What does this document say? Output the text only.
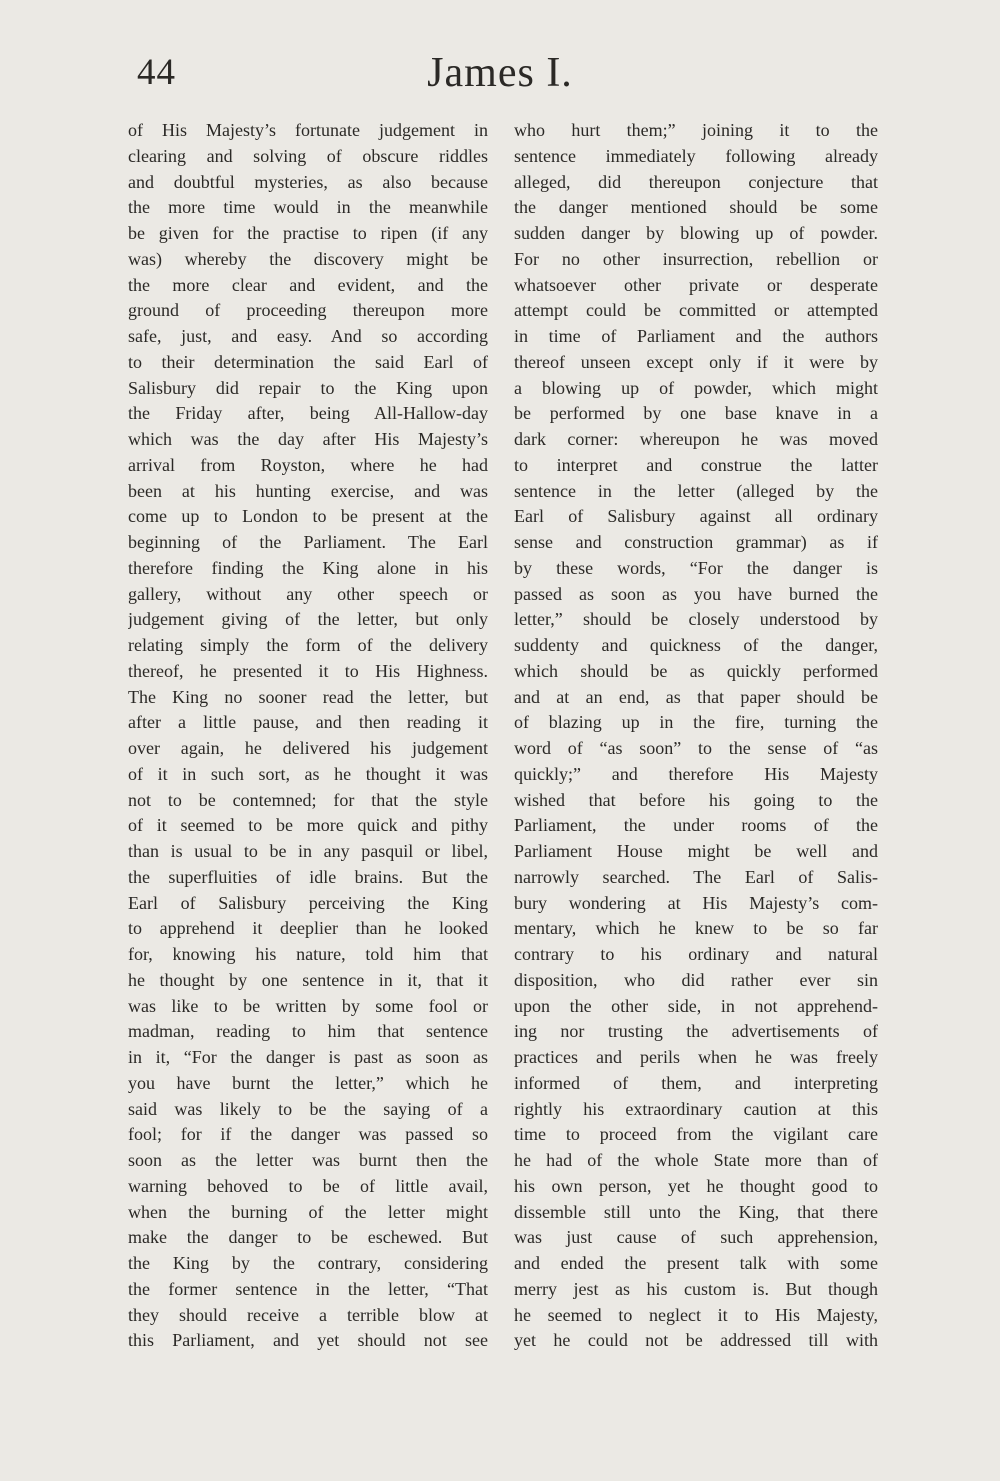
44	James I.
of His Majesty’s fortunate judgement in
clearing and solving of obscure riddles
and doubtful mysteries, as also because
the more time would in the meanwhile
be given for the practise to ripen (if any
was) whereby the discovery might be
the more clear and evident, and the
ground of proceeding thereupon more
safe, just, and easy. And so according
to their determination the said Earl of
Salisbury did repair to the King upon
the Friday after, being All-Hallow-day
which was the day after His Majesty’s
arrival from Royston, where he had
been at his hunting exercise, and was
come up to London to be present at the
beginning of the Parliament. The Earl
therefore finding the King alone in his
gallery, without any other speech or
judgement giving of the letter, but only
relating simply the form of the delivery
thereof, he presented it to His Highness.
The King no sooner read the letter, but
after a little pause, and then reading it
over again, he delivered his judgement
of it in such sort, as he thought it was
not to be contemned; for that the style
of it seemed to be more quick and pithy
than is usual to be in any pasquil or libel,
the superfluities of idle brains. But the
Earl of Salisbury perceiving the King
to apprehend it deeplier than he looked
for, knowing his nature, told him that
he thought by one sentence in it, that it
was like to be written by some fool or
madman, reading to him that sentence
in it, “For the danger is past as soon as
you have burnt the letter,” which he
said was likely to be the saying of a
fool; for if the danger was passed so
soon as the letter was burnt then the
warning behoved to be of little avail,
when the burning of the letter might
make the danger to be eschewed. But
the King by the contrary, considering
the former sentence in the letter, “That
they should receive a terrible blow at
this Parliament, and yet should not see
who hurt them;” joining it to the
sentence immediately following already
alleged, did thereupon conjecture that
the danger mentioned should be some
sudden danger by blowing up of powder.
For no other insurrection, rebellion or
whatsoever other private or desperate
attempt could be committed or attempted
in time of Parliament and the authors
thereof unseen except only if it were by
a blowing up of powder, which might
be performed by one base knave in a
dark corner: whereupon he was moved
to interpret and construe the latter
sentence in the letter (alleged by the
Earl of Salisbury against all ordinary
sense and construction grammar) as if
by these words, “For the danger is
passed as soon as you have burned the
letter,” should be closely understood by
suddenty and quickness of the danger,
which should be as quickly performed
and at an end, as that paper should be
of blazing up in the fire, turning the
word of “as soon” to the sense of “as
quickly;” and therefore His Majesty
wished that before his going to the
Parliament, the under rooms of the
Parliament House might be well and
narrowly searched. The Earl of Salis-
bury wondering at His Majesty’s com-
mentary, which he knew to be so far
contrary to his ordinary and natural
disposition, who did rather ever sin
upon the other side, in not apprehend-
ing nor trusting the advertisements of
practices and perils when he was freely
informed of them, and interpreting
rightly his extraordinary caution at this
time to proceed from the vigilant care
he had of the whole State more than of
his own person, yet he thought good to
dissemble still unto the King, that there
was just cause of such apprehension,
and ended the present talk with some
merry jest as his custom is. But though
he seemed to neglect it to His Majesty,
yet he could not be addressed till with
